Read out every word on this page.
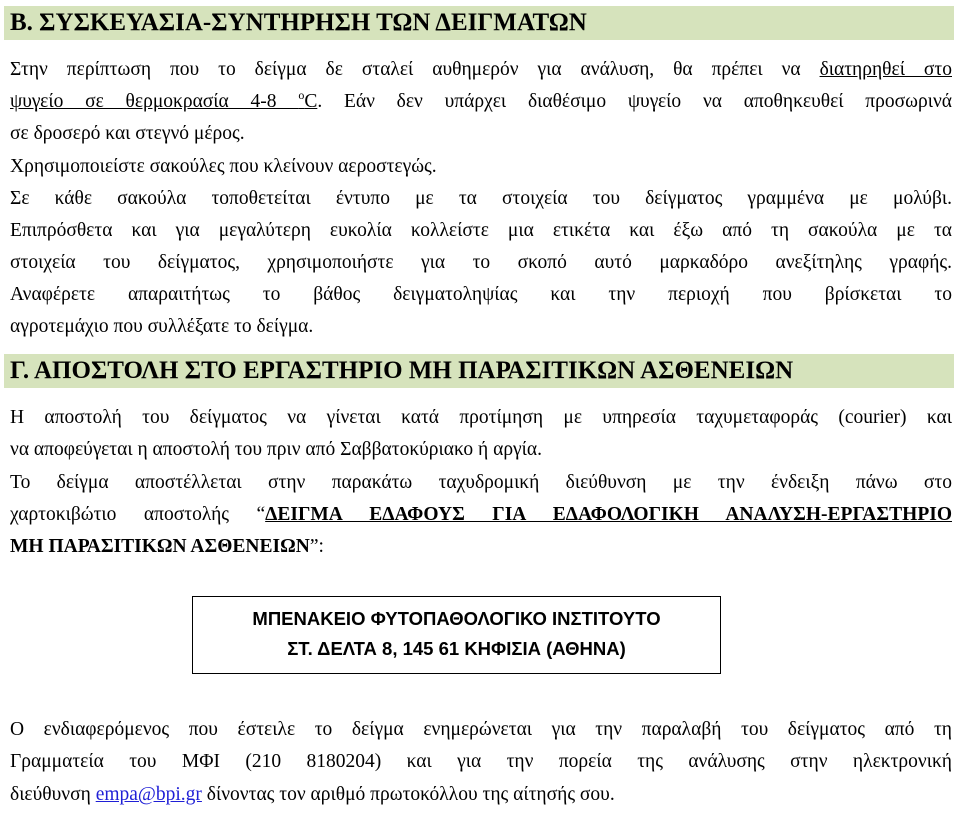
Β. ΣΥΣΚΕΥΑΣΙΑ-ΣΥΝΤΗΡΗΣΗ ΤΩΝ ΔΕΙΓΜΑΤΩΝ
Στην περίπτωση που το δείγμα δε σταλεί αυθημερόν για ανάλυση, θα πρέπει να διατηρηθεί στο
ψυγείο σε θερμοκρασία 4-8 $^o$C. Εάν δεν υπάρχει διαθέσιμο ψυγείο να αποθηκευθεί προσωρινά
σε δροσερό και στεγνό μέρος.
Χρησιμοποιείστε σακούλες που κλείνουν αεροστεγώς.
Σε κάθε σακούλα τοποθετείται έντυπο με τα στοιχεία του δείγματος γραμμένα με μολύβι.
Επιπρόσθετα και για μεγαλύτερη ευκολία κολλείστε μια ετικέτα και έξω από τη σακούλα με τα
στοιχεία του δείγματος, χρησιμοποιήστε για το σκοπό αυτό μαρκαδόρο ανεξίτηλης γραφής.
Αναφέρετε απαραιτήτως το βάθος δειγματοληψίας και την περιοχή που βρίσκεται το
αγροτεμάχιο που συλλέξατε το δείγμα.
Γ. ΑΠΟΣΤΟΛΗ ΣΤΟ ΕΡΓΑΣΤΗΡΙΟ ΜΗ ΠΑΡΑΣΙΤΙΚΩΝ ΑΣΘΕΝΕΙΩΝ
Η αποστολή του δείγματος να γίνεται κατά προτίμηση με υπηρεσία ταχυμεταφοράς (courier) και
να αποφεύγεται η αποστολή του πριν από Σαββατοκύριακο ή αργία.
Το δείγμα αποστέλλεται στην παρακάτω ταχυδρομική διεύθυνση με την ένδειξη πάνω στο
χαρτοκιβώτιο αποστολής “ΔΕΙΓΜΑ ΕΔΑΦΟΥΣ ΓΙΑ ΕΔΑΦΟΛΟΓΙΚΗ ΑΝΑΛΥΣΗ-ΕΡΓΑΣΤΗΡΙΟ
ΜΗ ΠΑΡΑΣΙΤΙΚΩΝ ΑΣΘΕΝΕΙΩΝ”:
ΜΠΕΝΑΚΕΙΟ ΦΥΤΟΠΑΘΟΛΟΓΙΚΟ ΙΝΣΤΙΤΟΥΤΟ
ΣΤ. ΔΕΛΤΑ 8, 145 61 ΚΗΦΙΣΙΑ (ΑΘΗΝΑ)
Ο ενδιαφερόμενος που έστειλε το δείγμα ενημερώνεται για την παραλαβή του δείγματος από τη
Γραμματεία του ΜΦΙ (210 8180204) και για την πορεία της ανάλυσης στην ηλεκτρονική
διεύθυνση empa@bpi.gr δίνοντας τον αριθμό πρωτοκόλλου της αίτησής σου.
